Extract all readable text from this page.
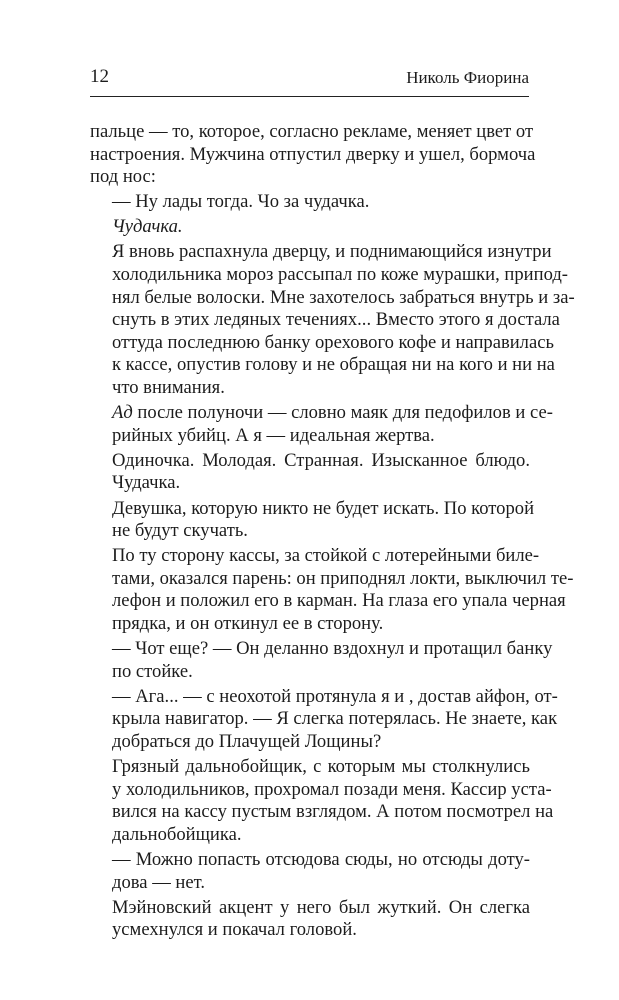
12	Николь Фиорина

пальце — то, которое, согласно рекламе, меняет цвет от
настроения. Мужчина отпустил дверку и ушел, бормоча
под нос:

— Ну лады тогда. Чо за чудачка.

Чудачка.

Я вновь распахнула дверцу, и поднимающийся изнутри
холодильника мороз рассыпал по коже мурашки, припод-
нял белые волоски. Мне захотелось забраться внутрь и за-
снуть в этих ледяных течениях... Вместо этого я достала
оттуда последнюю банку орехового кофе и направилась
к кассе, опустив голову и не обращая ни на кого и ни на
что внимания.

Ад после полуночи — словно маяк для педофилов и се-
рийных убийц. А я — идеальная жертва.

Одиночка. Молодая. Странная. Изысканное блюдо.
Чудачка.

Девушка, которую никто не будет искать. По которой
не будут скучать.

По ту сторону кассы, за стойкой с лотерейными биле-
тами, оказался парень: он приподнял локти, выключил те-
лефон и положил его в карман. На глаза его упала черная
прядка, и он откинул ее в сторону.

— Чот еще? — Он деланно вздохнул и протащил банку
по стойке.

— Ага... — с неохотой протянула я и , достав айфон, от-
крыла навигатор. — Я слегка потерялась. Не знаете, как
добраться до Плачущей Лощины?

Грязный дальнобойщик, с которым мы столкнулись
у холодильников, прохромал позади меня. Кассир уста-
вился на кассу пустым взглядом. А потом посмотрел на
дальнобойщика.

— Можно попасть отсюдова сюды, но отсюды доту-
дова — нет.

Мэйновский акцент у него был жуткий. Он слегка
усмехнулся и покачал головой.
